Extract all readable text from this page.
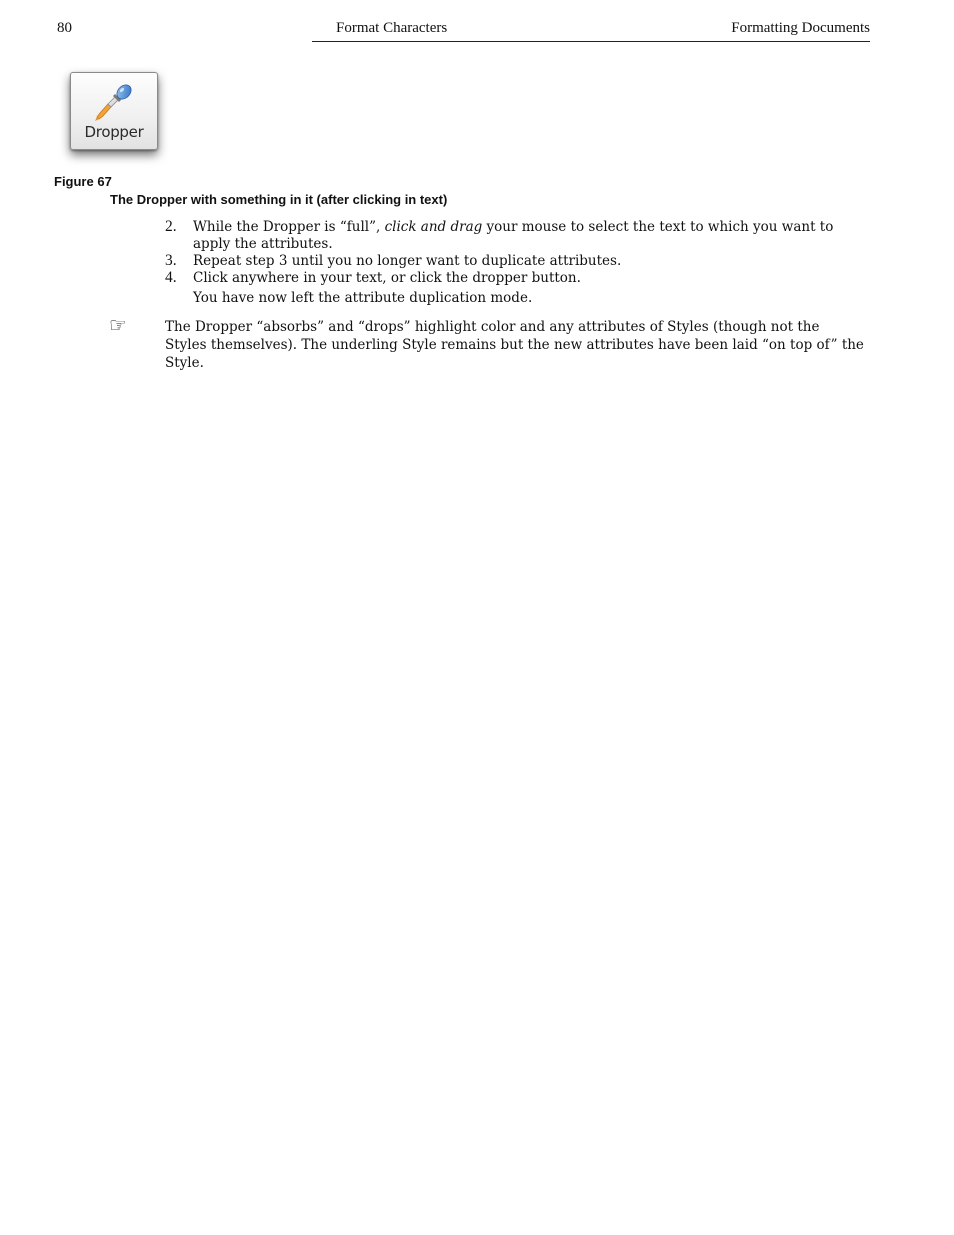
80	Format Characters	Formatting Documents
Dropper
Figure 67
The Dropper with something in it (after clicking in text)
2. While the Dropper is “full”, click and drag your mouse to select the text to which you want to apply the attributes.
3. Repeat step 3 until you no longer want to duplicate attributes.
4. Click anywhere in your text, or click the dropper button.
You have now left the attribute duplication mode.
☞	The Dropper “absorbs” and “drops” highlight color and any attributes of Styles (though not the Styles themselves). The underling Style remains but the new attributes have been laid “on top of” the Style.
